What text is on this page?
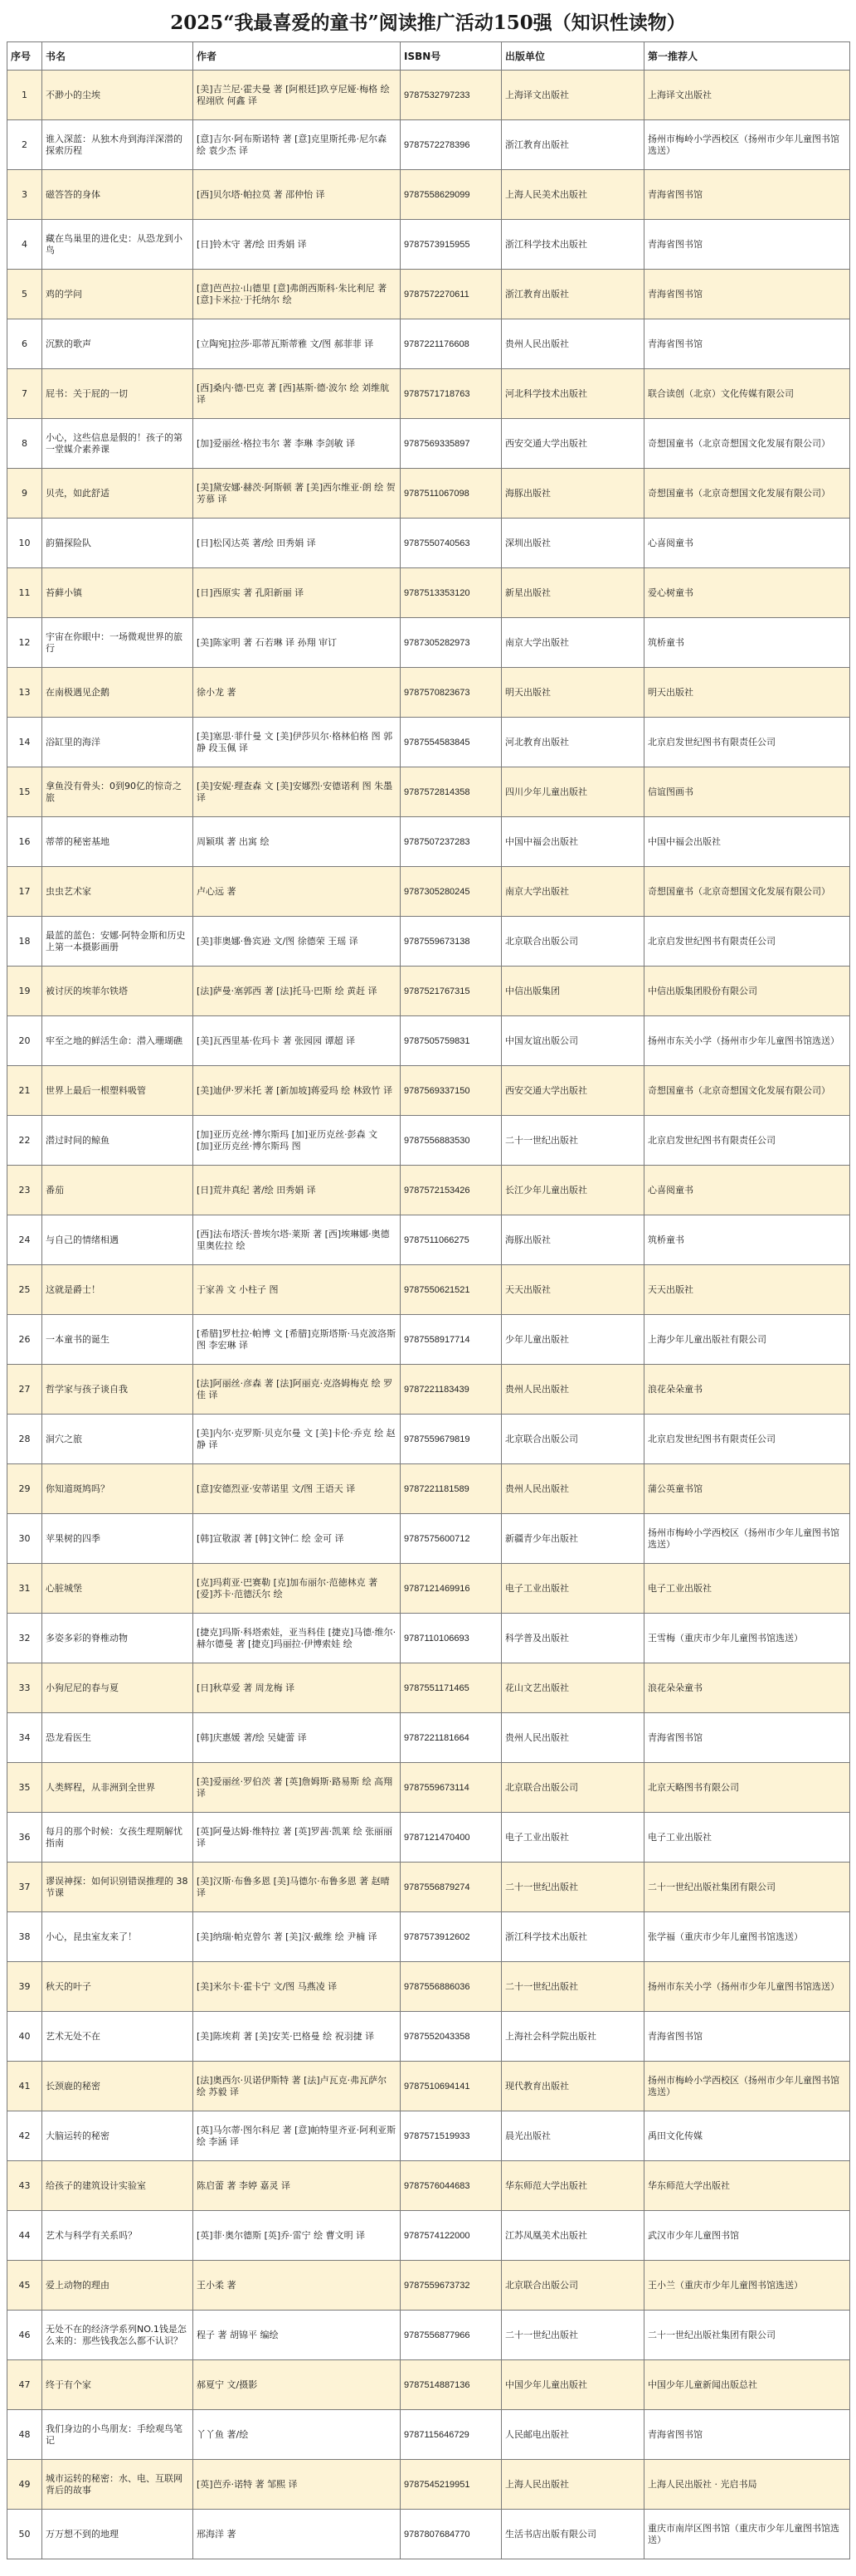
2025“我最喜爱的童书”阅读推广活动150强（知识性读物）
序号	书名	作者	ISBN号	出版单位	第一推荐人
1	不渺小的尘埃	[美]吉兰尼·霍夫曼 著 [阿根廷]玖亨尼娅·梅格 绘 程翊欣 何鑫 译	9787532797233	上海译文出版社	上海译文出版社
2	谁入深蓝：从独木舟到海洋深潜的探索历程	[意]吉尔·阿布斯诺特 著 [意]克里斯托弗·尼尔森 绘 袁少杰 译	9787572278396	浙江教育出版社	扬州市梅岭小学西校区（扬州市少年儿童图书馆选送）
3	磁答答的身体	[西]贝尔塔·帕拉莫 著 邵仲怡 译	9787558629099	上海人民美术出版社	青海省图书馆
4	藏在鸟巢里的进化史：从恐龙到小鸟	[日]铃木守 著/绘 田秀娟 译	9787573915955	浙江科学技术出版社	青海省图书馆
5	鸡的学问	[意]芭芭拉·山德里 [意]弗朗西斯科·朱比利尼 著 [意]卡米拉·于托纳尔 绘	9787572270611	浙江教育出版社	青海省图书馆
6	沉默的歌声	[立陶宛]拉莎·耶蒂瓦斯蒂雅 文/图 郝菲菲 译	9787221176608	贵州人民出版社	青海省图书馆
7	屁书：关于屁的一切	[西]桑内·德·巴克 著 [西]基斯·德·波尔 绘 刘维航 译	9787571718763	河北科学技术出版社	联合读创（北京）文化传媒有限公司
8	小心，这些信息是假的！孩子的第一堂媒介素养课	[加]爱丽丝·格拉韦尔 著 李琳 李剑敏 译	9787569335897	西安交通大学出版社	奇想国童书（北京奇想国文化发展有限公司）
9	贝壳，如此舒适	[美]黛安娜·赫茨·阿斯顿 著 [美]西尔维亚·朗 绘 贺芳慕 译	9787511067098	海豚出版社	奇想国童书（北京奇想国文化发展有限公司）
10	韵猫探险队	[日]松冈达英 著/绘 田秀娟 译	9787550740563	深圳出版社	心喜阅童书
11	苔藓小镇	[日]西原实 著 孔阳新丽 译	9787513353120	新星出版社	爱心树童书
12	宇宙在你眼中：一场微观世界的旅行	[美]陈家明 著 石若琳 译 孙翔 审订	9787305282973	南京大学出版社	筑桥童书
13	在南极遇见企鹅	徐小龙 著	9787570823673	明天出版社	明天出版社
14	浴缸里的海洋	[美]塞思·菲什曼 文 [美]伊莎贝尔·格林伯格 图 郭静 段玉佩 译	9787554583845	河北教育出版社	北京启发世纪图书有限责任公司
15	拿鱼没有骨头：0到90亿的惊奇之旅	[美]安妮·理查森 文 [美]安娜烈·安德诺利 图 朱墨 译	9787572814358	四川少年儿童出版社	信谊图画书
16	蒂蒂的秘密基地	周颖琪 著 出寓 绘	9787507237283	中国中福会出版社	中国中福会出版社
17	虫虫艺术家	卢心远 著	9787305280245	南京大学出版社	奇想国童书（北京奇想国文化发展有限公司）
18	最蓝的蓝色：安娜·阿特金斯和历史上第一本摄影画册	[美]菲奥娜·鲁宾逊 文/图 徐德荣 王瑶 译	9787559673138	北京联合出版公司	北京启发世纪图书有限责任公司
19	被讨厌的埃菲尔铁塔	[法]萨曼·塞郭西 著 [法]托马·巴斯 绘 黄赶 译	9787521767315	中信出版集团	中信出版集团股份有限公司
20	牢至之地的鲜活生命：潜入珊瑚礁	[美]瓦西里基·佐玛卡 著 张园园 谭超 译	9787505759831	中国友谊出版公司	扬州市东关小学（扬州市少年儿童图书馆选送）
21	世界上最后一根塑料吸管	[美]迪伊·罗米托 著 [新加坡]蒋爱玛 绘 林致竹 译	9787569337150	西安交通大学出版社	奇想国童书（北京奇想国文化发展有限公司）
22	潜过时间的鲸鱼	[加]亚历克丝·博尔斯玛 [加]亚历克丝·彭森 文 [加]亚历克丝·博尔斯玛 图	9787556883530	二十一世纪出版社	北京启发世纪图书有限责任公司
23	番茄	[日]荒井真纪 著/绘 田秀娟 译	9787572153426	长江少年儿童出版社	心喜阅童书
24	与自己的情绪相遇	[西]法布塔沃·普埃尔塔·莱斯 著 [西]埃琳娜·奥德里奥佐拉 绘	9787511066275	海豚出版社	筑桥童书
25	这就是爵士！	于家善 文 小柱子 图	9787550621521	天天出版社	天天出版社
26	一本童书的诞生	[希腊]罗杜拉·帕博 文 [希腊]克斯塔斯·马克波洛斯 图 李宏琳 译	9787558917714	少年儿童出版社	上海少年儿童出版社有限公司
27	哲学家与孩子谈自我	[法]阿丽丝·彦森 著 [法]阿丽克·克洛姆梅克 绘 罗佳 译	9787221183439	贵州人民出版社	浪花朵朵童书
28	洞穴之旅	[美]内尔·克罗斯·贝克尔曼 文 [美]卡伦·乔克 绘 赵静 译	9787559679819	北京联合出版公司	北京启发世纪图书有限责任公司
29	你知道斑鸠吗？	[意]安德烈亚·安蒂诺里 文/图 王语天 译	9787221181589	贵州人民出版社	蒲公英童书馆
30	苹果树的四季	[韩]宣敬淑 著 [韩]文钟仁 绘 金可 译	9787575600712	新疆青少年出版社	扬州市梅岭小学西校区（扬州市少年儿童图书馆选送）
31	心脏城堡	[克]玛莉亚·巴赛勒 [克]加布丽尔·范徳林克 著 [爱]苏卡·范德沃尔 绘	9787121469916	电子工业出版社	电子工业出版社
32	多姿多彩的脊椎动物	[捷克]玛斯·科塔索娃，亚当科佳 [捷克]马德·维尔·赫尔德曼 著 [捷克]玛丽拉·伊博索娃 绘	9787110106693	科学普及出版社	王雪梅（重庆市少年儿童图书馆选送）
33	小狗尼尼的春与夏	[日]秋草爱 著 周龙梅 译	9787551171465	花山文艺出版社	浪花朵朵童书
34	恐龙看医生	[韩]庆惠媛 著/绘 吴婕蕾 译	9787221181664	贵州人民出版社	青海省图书馆
35	人类辉程，从非洲到全世界	[美]爱丽丝·罗伯茨 著 [英]詹姆斯·路易斯 绘 高翔 译	9787559673114	北京联合出版公司	北京天略图书有限公司
36	每月的那个时候：女孩生理期解忧指南	[英]阿曼达姆·维特拉 著 [英]罗茜·凯莱 绘 张丽丽 译	9787121470400	电子工业出版社	电子工业出版社
37	谬误神探：如何识别错误推理的 38 节课	[美]汉斯·布鲁多恩 [美]马德尔·布鲁多恩 著 赵晴 译	9787556879274	二十一世纪出版社	二十一世纪出版社集团有限公司
38	小心，昆虫室友来了！	[美]纳瑞·帕克曾尔 著 [美]汉·戴维 绘 尹楠 译	9787573912602	浙江科学技术出版社	张学福（重庆市少年儿童图书馆选送）
39	秋天的叶子	[美]米尔卡·霍卡宁 文/图 马燕凌 译	9787556886036	二十一世纪出版社	扬州市东关小学（扬州市少年儿童图书馆选送）
40	艺术无处不在	[美]陈埃莉 著 [美]安芙·巴格曼 绘 祝羽捷 译	9787552043358	上海社会科学院出版社	青海省图书馆
41	长颈鹿的秘密	[法]奥西尔·贝诺伊斯特 著 [法]卢瓦克·弗瓦萨尔 绘 苏毅 译	9787510694141	现代教育出版社	扬州市梅岭小学西校区（扬州市少年儿童图书馆选送）
42	大脑运转的秘密	[英]马尔蒂·图尔科尼 著 [意]帕特里齐亚·阿利亚斯 绘 李涵 译	9787571519933	晨光出版社	禹田文化传媒
43	给孩子的建筑设计实验室	陈启蕾 著 李婷 嘉灵 译	9787576044683	华东师范大学出版社	华东师范大学出版社
44	艺术与科学有关系吗？	[英]菲·奥尔德斯 [英]乔·雷宁 绘 曹文明 译	9787574122000	江苏凤凰美术出版社	武汉市少年儿童图书馆
45	爱上动物的理由	王小柔 著	9787559673732	北京联合出版公司	王小兰（重庆市少年儿童图书馆选送）
46	无处不在的经济学系列NO.1钱是怎么来的：那些钱我怎么都不认识？	程子 著 胡锦平 编绘	9787556877966	二十一世纪出版社	二十一世纪出版社集团有限公司
47	终于有个家	郝夏宁 文/摄影	9787514887136	中国少年儿童出版社	中国少年儿童新闻出版总社
48	我们身边的小鸟朋友：手绘观鸟笔记	丫丫鱼 著/绘	9787115646729	人民邮电出版社	青海省图书馆
49	城市运转的秘密：水、电、互联网背后的故事	[英]芭乔·诺特 著 邹熙 译	9787545219951	上海人民出版社	上海人民出版社 · 光启书局
50	万万想不到的地理	邢海洋 著	9787807684770	生活书店出版有限公司	重庆市南岸区图书馆（重庆市少年儿童图书馆选送）
